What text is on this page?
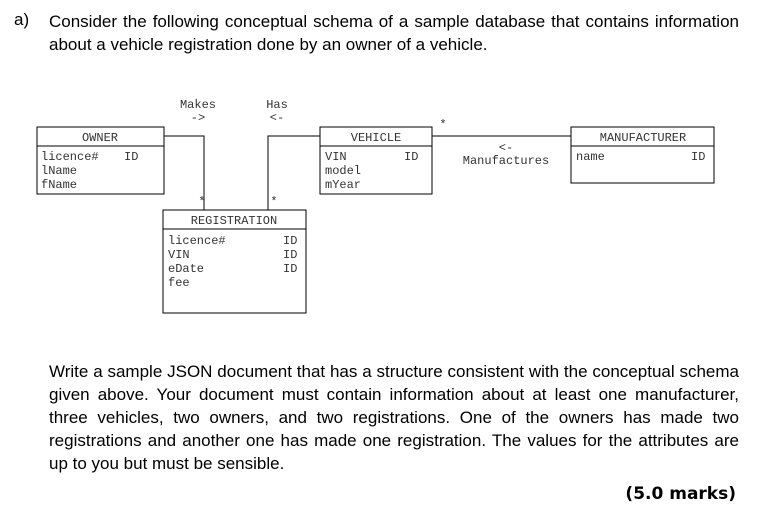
a) Consider the following conceptual schema of a sample database that contains information about a vehicle registration done by an owner of a vehicle.
OWNER
licence# ID
lName
fName
VEHICLE
VIN	ID
model
mYear
MANUFACTURER
name	ID
REGISTRATION
licence#	ID
VIN	ID
eDate	ID
fee
Makes
->
Has
<-
<-
Manufactures
*	*
*
Write a sample JSON document that has a structure consistent with the conceptual schema given above. Your document must contain information about at least one manufacturer, three vehicles, two owners, and two registrations. One of the owners has made two registrations and another one has made one registration. The values for the attributes are up to you but must be sensible.
(5.0 marks)
